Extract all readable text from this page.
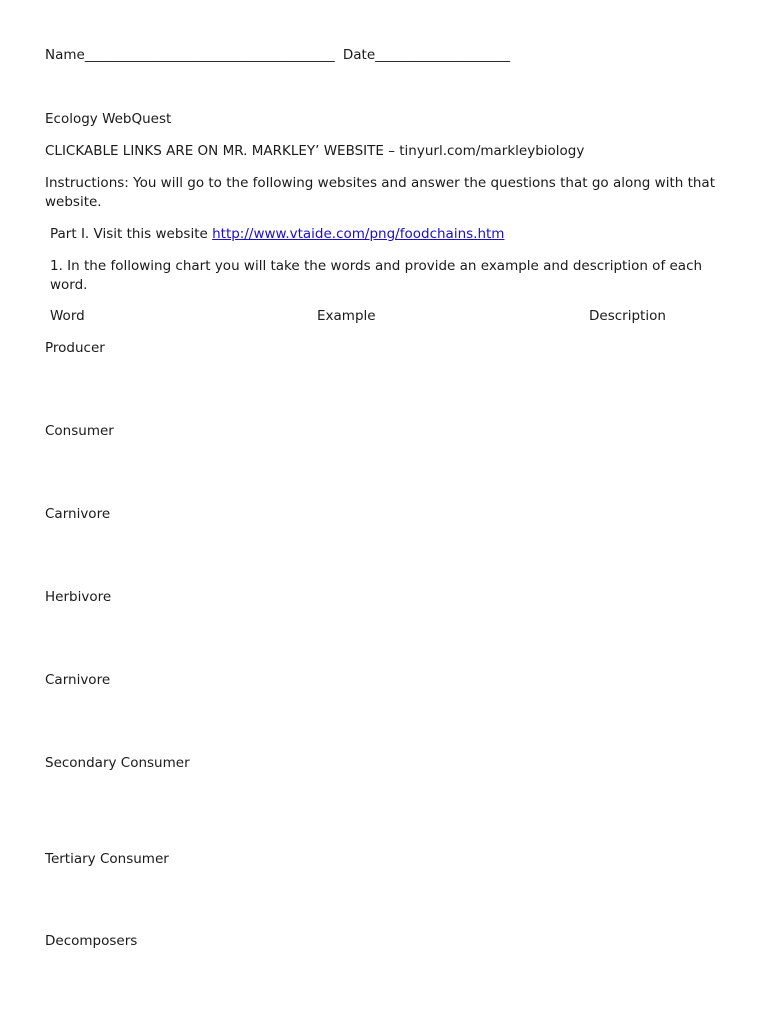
Name_____________________________________ Date____________________
Ecology WebQuest
CLICKABLE LINKS ARE ON MR. MARKLEY’ WEBSITE – tinyurl.com/markleybiology
Instructions: You will go to the following websites and answer the questions that go along with that website.
Part I. Visit this website http://www.vtaide.com/png/foodchains.htm
1. In the following chart you will take the words and provide an example and description of each word.
Word	Example	Description
Producer
Consumer
Carnivore
Herbivore
Carnivore
Secondary Consumer
Tertiary Consumer
Decomposers
